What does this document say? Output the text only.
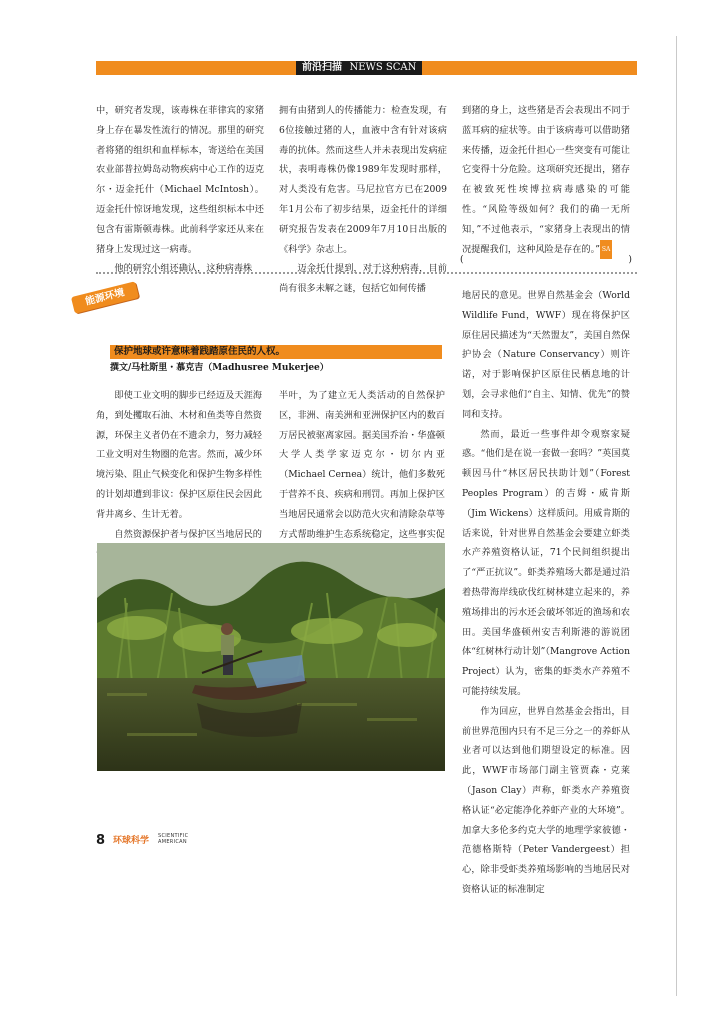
前沿扫描 NEWS SCAN

中，研究者发现，该毒株在菲律宾的家猪身上存在暴发性流行的情况。那里的研究者将猪的组织和血样标本，寄送给在美国农业部普拉姆岛动物疾病中心工作的迈克尔・迈金托什（Michael McIntosh）。迈金托什惊讶地发现，这些组织标本中还包含有雷斯顿毒株。此前科学家还从来在猪身上发现过这一病毒。

他的研究小组还确认，这种病毒株

拥有由猪到人的传播能力：检查发现，有6位接触过猪的人，血液中含有针对该病毒的抗体。然而这些人并未表现出发病症状，表明毒株仍像1989年发现时那样，对人类没有危害。马尼拉官方已在2009年1月公布了初步结果，迈金托什的详细研究报告发表在2009年7月10日出版的《科学》杂志上。

迈金托什提到，对于这种病毒，目前尚有很多未解之谜，包括它如何传播

到猪的身上，这些猪是否会表现出不同于蓝耳病的症状等。由于该病毒可以借助猪来传播，迈金托什担心一些突变有可能让它变得十分危险。这项研究还提出，猪存在被致死性埃博拉病毒感染的可能性。“风险等级如何？我们的确一无所知，”不过他表示，“家猪身上表现出的情况提醒我们，这种风险是存在的。” SA

(	)
能源环境
保护地球或许意味着践踏原住民的人权。
撰文/马杜斯里・慕克吉（Madhusree Mukerjee）

即使工业文明的脚步已经迈及天涯海角，到处攫取石油、木材和鱼类等自然资源，环保主义者仍在不遗余力，努力减轻工业文明对生物圈的危害。然而，减少环境污染、阻止气候变化和保护生物多样性的计划却遭到非议：保护区原住民会因此背井离乡、生计无着。

自然资源保护者与保护区当地居民的

半叶，为了建立无人类活动的自然保护区，非洲、南美洲和亚洲保护区内的数百万居民被驱离家园。据美国乔治・华盛顿大学人类学家迈克尔・切尔内亚（Michael Cernea）统计，他们多数死于营养不良、疾病和刑罚。再加上保护区当地居民通常会以防范火灾和清除杂草等方式帮助维护生态系统稳定，这些事实促

地居民的意见。世界自然基金会（World Wildlife Fund，WWF）现在将保护区原住居民描述为“天然盟友”，美国自然保护协会（Nature Conservancy）则许诺，对于影响保护区原住民栖息地的计划，会寻求他们“自主、知情、优先”的赞同和支持。

然而，最近一些事件却令观察家疑惑。“他们是在说一套做一套吗？”英国莫顿因马什“林区居民扶助计划”（Forest Peoples Program）的吉姆・威肯斯（Jim Wickens）这样质问。用威肯斯的话来说，针对世界自然基金会要建立虾类水产养殖资格认证，71个民间组织提出了“严正抗议”。虾类养殖场大都是通过沿着热带海岸线砍伐红树林建立起来的，养殖场排出的污水还会破坏邻近的渔场和农田。美国华盛顿州安吉利斯港的游说团体“红树林行动计划”（Mangrove Action Project）认为，密集的虾类水产养殖不可能持续发展。

作为回应，世界自然基金会指出，目前世界范围内只有不足三分之一的养虾从业者可以达到他们期望设定的标准。因此，WWF市场部门副主管贾森・克莱（Jason Clay）声称，虾类水产养殖资格认证“必定能净化养虾产业的大环境”。加拿大多伦多约克大学的地理学家彼德・范德格斯特（Peter Vandergeest）担心，除非受虾类养殖场影响的当地居民对资格认证的标准制定

8 环球科学 SCIENTIFIC
AMERICAN
